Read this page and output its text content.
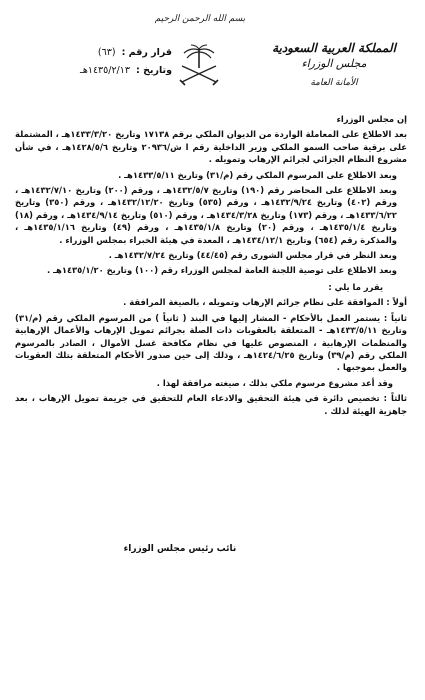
بسم الله الرحمن الرحيم
المملكة العربية السعودية
مجلس الوزراء
الأمانة العامة
قرار رقم :
(٦٣)
وتاريخ :
١٤٣٥/٢/١٣هـ

إن مجلس الوزراء

بعد الاطلاع على المعاملة الواردة من الديوان الملكي برقم ١٧١٣٨ وتاريخ ١٤٣٣/٣/٢٠هـ ، المشتملة على برقية صاحب السمو الملكي وزير الداخلية رقم ا ش/٢٠٩٣٦ وتاريخ ١٤٢٨/٥/٦هـ ، في شأن مشروع النظام الجزائي لجرائم الإرهاب وتمويله .

وبعد الاطلاع على المرسوم الملكي رقم (م/٣١) وتاريخ ١٤٣٣/٥/١١هـ .

وبعد الاطلاع على المحاضر رقم (١٩٠) وتاريخ ١٤٣٢/٥/٧هـ ، ورقم (٢٠٠) وتاريخ ١٤٣٢/٧/١٠هـ ، ورقم (٤٠٢) وتاريخ ١٤٣٢/٩/٢٤هـ ، ورقم (٥٣٥) وتاريخ ١٤٣٢/١٢/٢٠هـ ، ورقم (٣٥٠) وتاريخ ١٤٣٣/٦/٢٢هـ ، ورقم (١٧٣) وتاريخ ١٤٣٤/٣/٢٨هـ ، ورقم (٥١٠) وتاريخ ١٤٣٤/٩/١٤هـ ، ورقم (١٨) وتاريخ ١٤٣٥/١/٤هـ ، ورقم (٢٠) وتاريخ ١٤٣٥/١/٨هـ ، ورقم (٤٩) وتاريخ ١٤٣٥/١/١٦هـ ، والمذكرة رقم (٦٥٤) وتاريخ ١٤٣٤/١٢/١هـ ، المعدة في هيئة الخبراء بمجلس الوزراء .

وبعد النظر في قرار مجلس الشورى رقم (٤٤/٤٥) وتاريخ ١٤٣٢/٧/٢٤هـ .

وبعد الاطلاع على توصية اللجنة العامة لمجلس الوزراء رقم (١٠٠) وتاريخ ١٤٣٥/١/٢٠هـ .

يقرر ما يلي :

أولاً : الموافقة على نظام جرائم الإرهاب وتمويله ، بالصيغة المرافقة .

ثانياً : يستمر العمل بالأحكام - المشار إليها في البند ( ثانياً ) من المرسوم الملكي رقم (م/٣١) وتاريخ ١٤٣٣/٥/١١هـ - المتعلقة بالعقوبات ذات الصلة بجرائم تمويل الإرهاب والأعمال الإرهابية والمنظمات الإرهابية ، المنصوص عليها في نظام مكافحة غسل الأموال ، الصادر بالمرسوم الملكي رقم (م/٣٩) وتاريخ ١٤٢٤/٦/٢٥هـ ، وذلك إلى حين صدور الأحكام المتعلقة بتلك العقوبات والعمل بموجبها .

وقد أعد مشروع مرسوم ملكي بذلك ، صيغته مرافقة لهذا .

ثالثاً : تخصيص دائرة في هيئة التحقيق والادعاء العام للتحقيق في جريمة تمويل الإرهاب ، بعد جاهزية الهيئة لذلك .

نائب رئيس مجلس الوزراء
